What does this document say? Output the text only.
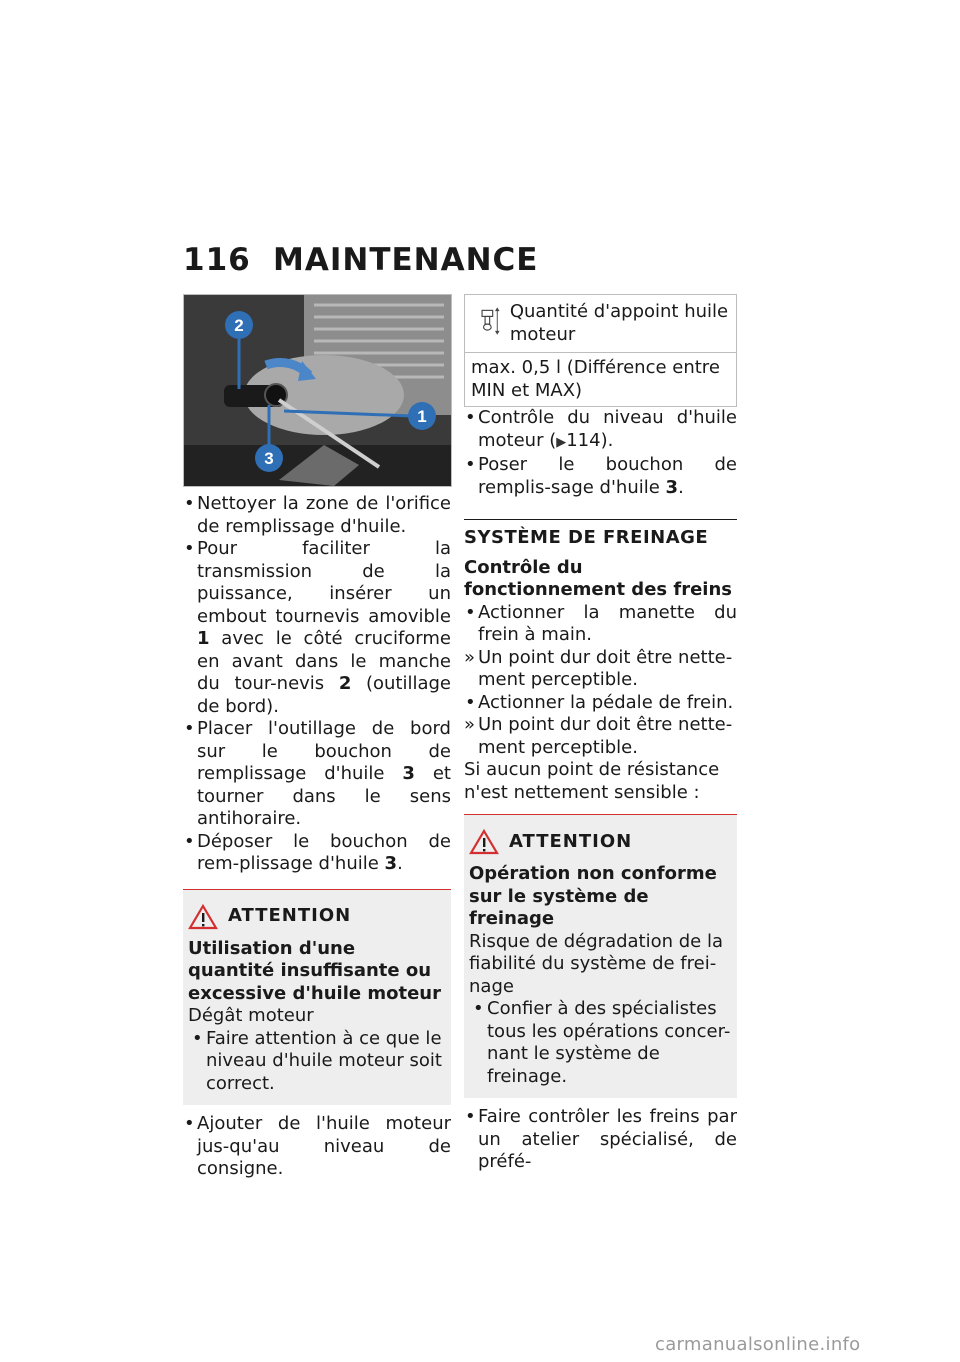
116 MAINTENANCE
1
2
3
• Nettoyer la zone de l'orifice de remplissage d'huile.
• Pour faciliter la transmission de la puissance, insérer un embout tournevis amovible 1 avec le côté cruciforme en avant dans le manche du tour-nevis 2 (outillage de bord).
• Placer l'outillage de bord sur le bouchon de remplissage d'huile 3 et tourner dans le sens antihoraire.
• Déposer le bouchon de rem-plissage d'huile 3.
ATTENTION
Utilisation d'une quantité insuffisante ou excessive d'huile moteur
Dégât moteur
• Faire attention à ce que le niveau d'huile moteur soit correct.
• Ajouter de l'huile moteur jus-qu'au niveau de consigne.
Quantité d'appoint huile moteur
max. 0,5 l (Différence entre MIN et MAX)
• Contrôle du niveau d'huile moteur (▶114).
• Poser le bouchon de remplis-sage d'huile 3.
SYSTÈME DE FREINAGE
Contrôle du fonctionnement des freins
• Actionner la manette du frein à main.
» Un point dur doit être nette-ment perceptible.
• Actionner la pédale de frein.
» Un point dur doit être nette-ment perceptible.
Si aucun point de résistance n'est nettement sensible :
ATTENTION
Opération non conforme sur le système de freinage
Risque de dégradation de la fiabilité du système de frei-nage
• Confier à des spécialistes tous les opérations concer-nant le système de freinage.
• Faire contrôler les freins par un atelier spécialisé, de préfé-
carmanualsonline.info
